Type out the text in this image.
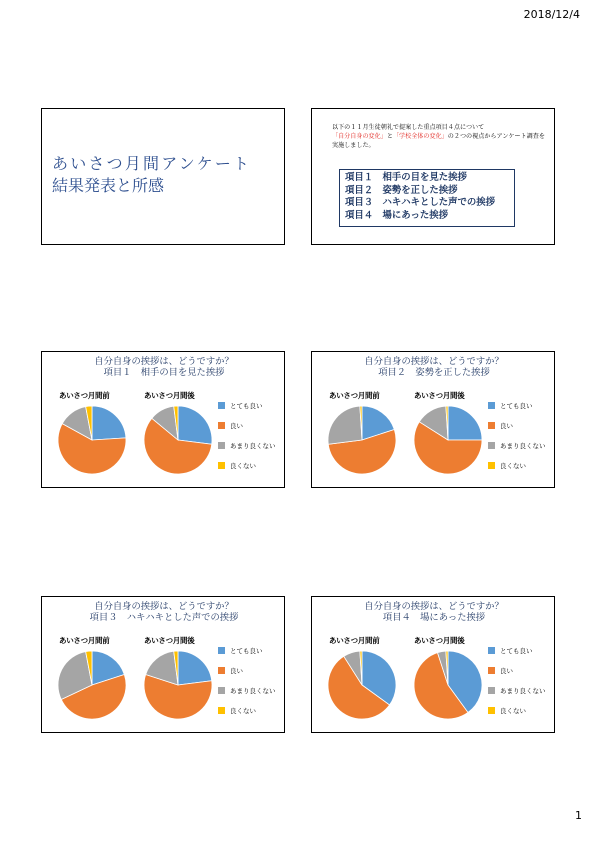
2018/12/4
あいさつ月間アンケート
結果発表と所感
以下の１１月生徒朝礼で提案した重点項目４点について
「自分自身の変化」と「学校全体の変化」の２つの視点からアンケート調査を実施しました。
項目１　相手の目を見た挨拶
項目２　姿勢を正した挨拶
項目３　ハキハキとした声での挨拶
項目４　場にあった挨拶
自分自身の挨拶は、どうですか？
項目１　相手の目を見た挨拶
あいさつ月間前	あいさつ月間後
とても良い
良い
あまり良くない
良くない
自分自身の挨拶は、どうですか？
項目２　姿勢を正した挨拶
あいさつ月間前	あいさつ月間後
とても良い
良い
あまり良くない
良くない
自分自身の挨拶は、どうですか？
項目３　ハキハキとした声での挨拶
あいさつ月間前	あいさつ月間後
とても良い
良い
あまり良くない
良くない
自分自身の挨拶は、どうですか？
項目４　場にあった挨拶
あいさつ月間前	あいさつ月間後
とても良い
良い
あまり良くない
良くない
1
